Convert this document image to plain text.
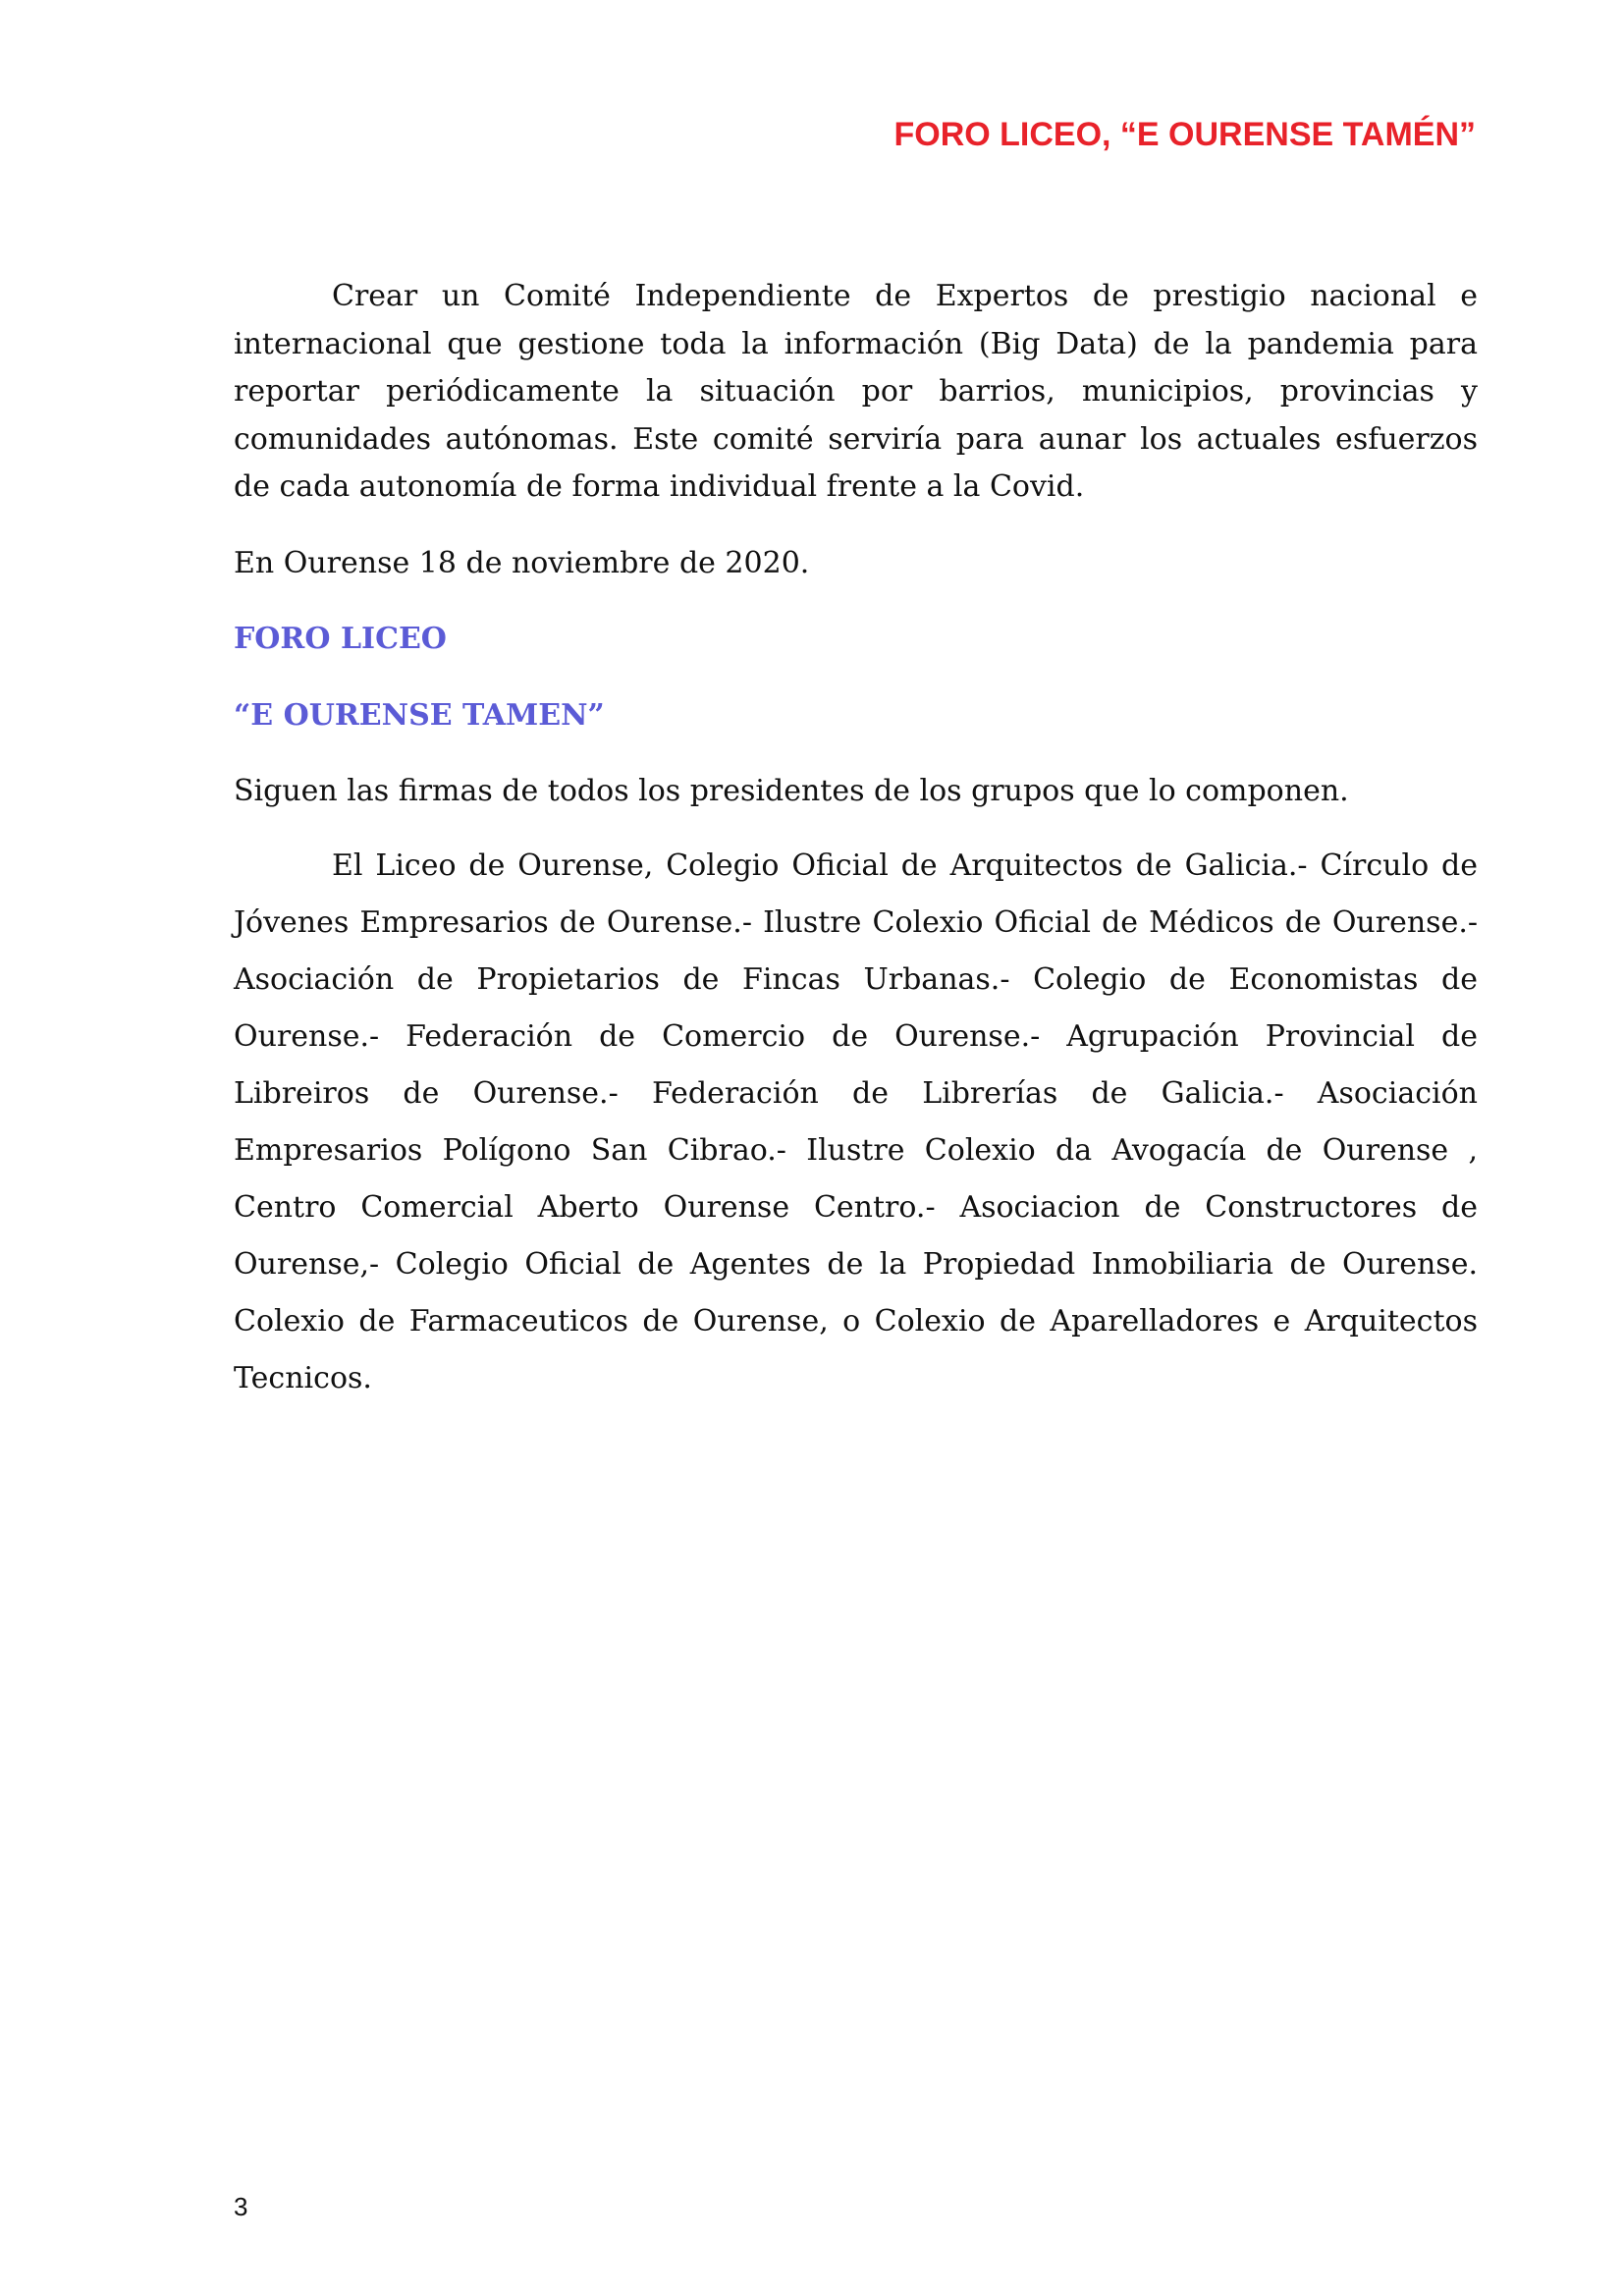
FORO LICEO, “E OURENSE TAMÉN”

Crear un Comité Independiente de Expertos de prestigio nacional e internacional que gestione toda la información (Big Data) de la pandemia para reportar periódicamente la situación por barrios, municipios, provincias y comunidades autónomas. Este comité serviría para aunar los actuales esfuerzos de cada autonomía de forma individual frente a la Covid.

En Ourense 18 de noviembre de 2020.

FORO LICEO

“E OURENSE TAMEN”

Siguen las firmas de todos los presidentes de los grupos que lo componen.

El Liceo de Ourense, Colegio Oficial de Arquitectos de Galicia.- Círculo de Jóvenes Empresarios de Ourense.- Ilustre Colexio Oficial de Médicos de Ourense.- Asociación de Propietarios de Fincas Urbanas.- Colegio de Economistas de Ourense.- Federación de Comercio de Ourense.- Agrupación Provincial de Libreiros de Ourense.- Federación de Librerías de Galicia.- Asociación Empresarios Polígono San Cibrao.- Ilustre Colexio da Avogacía de Ourense , Centro Comercial Aberto Ourense Centro.- Asociacion de Constructores de Ourense,- Colegio Oficial de Agentes de la Propiedad Inmobiliaria de Ourense. Colexio de Farmaceuticos de Ourense, o Colexio de Aparelladores e Arquitectos Tecnicos.

3
